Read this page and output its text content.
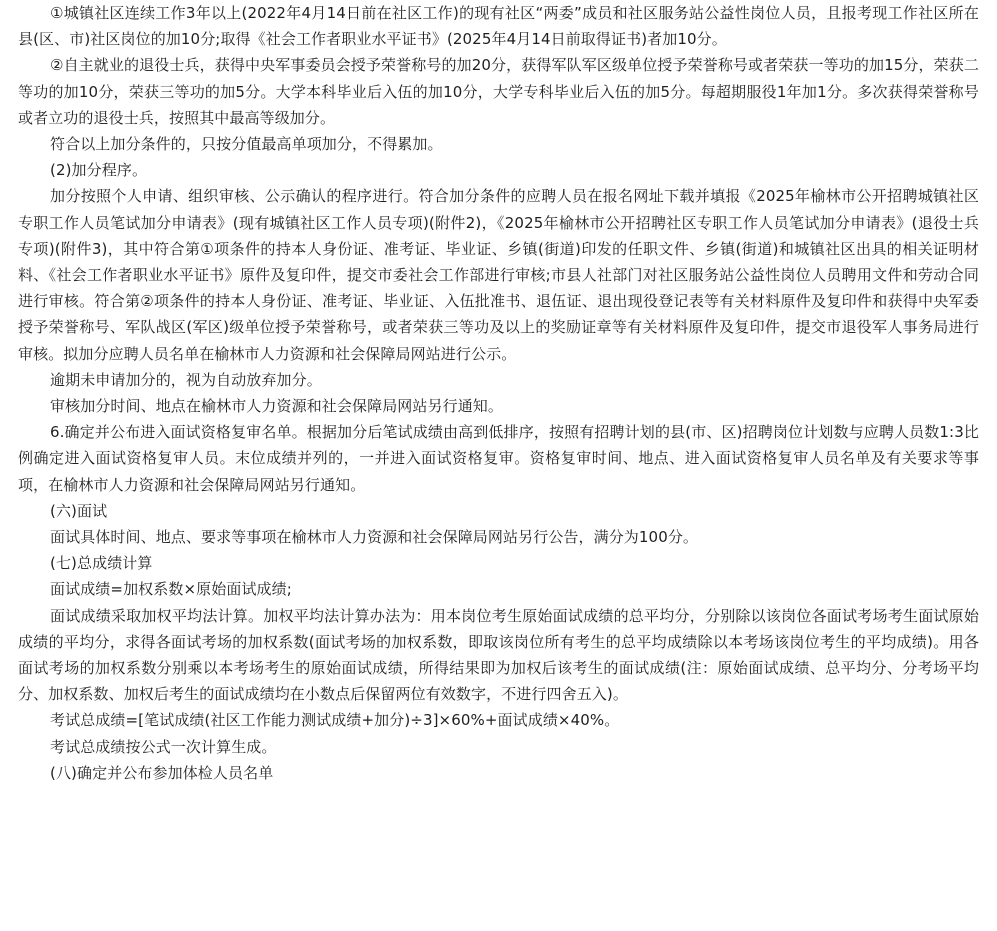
①城镇社区连续工作3年以上(2022年4月14日前在社区工作)的现有社区“两委”成员和社区服务站公益性岗位人员，且报考现工作社区所在县(区、市)社区岗位的加10分;取得《社会工作者职业水平证书》(2025年4月14日前取得证书)者加10分。

②自主就业的退役士兵，获得中央军事委员会授予荣誉称号的加20分，获得军队军区级单位授予荣誉称号或者荣获一等功的加15分，荣获二等功的加10分，荣获三等功的加5分。大学本科毕业后入伍的加10分，大学专科毕业后入伍的加5分。每超期服役1年加1分。多次获得荣誉称号或者立功的退役士兵，按照其中最高等级加分。

符合以上加分条件的，只按分值最高单项加分，不得累加。

(2)加分程序。

加分按照个人申请、组织审核、公示确认的程序进行。符合加分条件的应聘人员在报名网址下载并填报《2025年榆林市公开招聘城镇社区专职工作人员笔试加分申请表》(现有城镇社区工作人员专项)(附件2)，《2025年榆林市公开招聘社区专职工作人员笔试加分申请表》(退役士兵专项)(附件3)，其中符合第①项条件的持本人身份证、准考证、毕业证、乡镇(街道)印发的任职文件、乡镇(街道)和城镇社区出具的相关证明材料、《社会工作者职业水平证书》原件及复印件，提交市委社会工作部进行审核;市县人社部门对社区服务站公益性岗位人员聘用文件和劳动合同进行审核。符合第②项条件的持本人身份证、准考证、毕业证、入伍批准书、退伍证、退出现役登记表等有关材料原件及复印件和获得中央军委授予荣誉称号、军队战区(军区)级单位授予荣誉称号，或者荣获三等功及以上的奖励证章等有关材料原件及复印件，提交市退役军人事务局进行审核。拟加分应聘人员名单在榆林市人力资源和社会保障局网站进行公示。

逾期未申请加分的，视为自动放弃加分。

审核加分时间、地点在榆林市人力资源和社会保障局网站另行通知。

6.确定并公布进入面试资格复审名单。根据加分后笔试成绩由高到低排序，按照有招聘计划的县(市、区)招聘岗位计划数与应聘人员数1:3比例确定进入面试资格复审人员。末位成绩并列的，一并进入面试资格复审。资格复审时间、地点、进入面试资格复审人员名单及有关要求等事项，在榆林市人力资源和社会保障局网站另行通知。

(六)面试

面试具体时间、地点、要求等事项在榆林市人力资源和社会保障局网站另行公告，满分为100分。

(七)总成绩计算

面试成绩=加权系数×原始面试成绩;

面试成绩采取加权平均法计算。加权平均法计算办法为：用本岗位考生原始面试成绩的总平均分，分别除以该岗位各面试考场考生面试原始成绩的平均分，求得各面试考场的加权系数(面试考场的加权系数，即取该岗位所有考生的总平均成绩除以本考场该岗位考生的平均成绩)。用各面试考场的加权系数分别乘以本考场考生的原始面试成绩，所得结果即为加权后该考生的面试成绩(注：原始面试成绩、总平均分、分考场平均分、加权系数、加权后考生的面试成绩均在小数点后保留两位有效数字，不进行四舍五入)。

考试总成绩=[笔试成绩(社区工作能力测试成绩+加分)÷3]×60%+面试成绩×40%。

考试总成绩按公式一次计算生成。

(八)确定并公布参加体检人员名单
